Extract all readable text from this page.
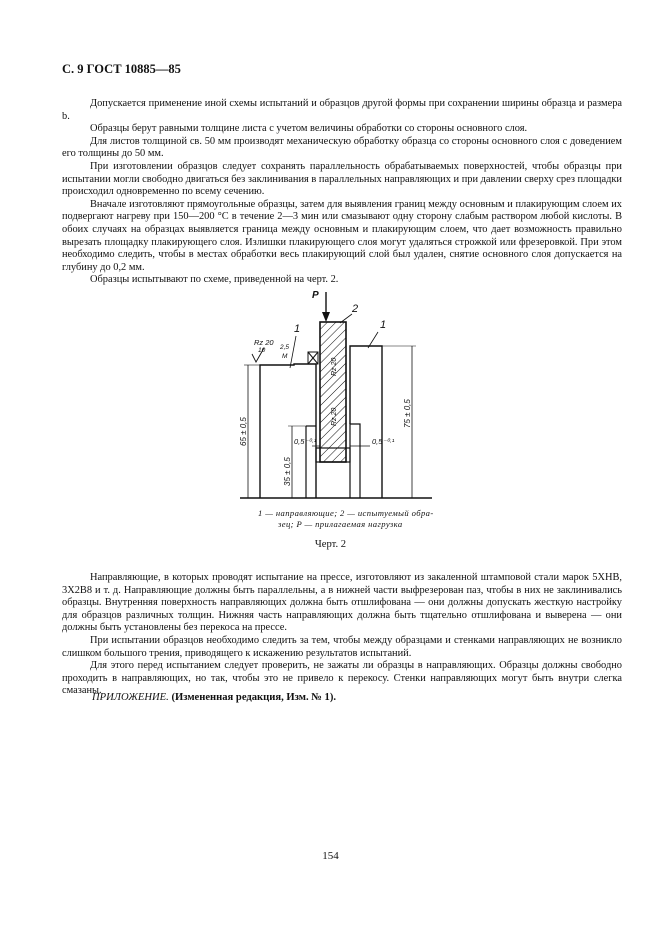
С. 9 ГОСТ 10885—85

Допускается применение иной схемы испытаний и образцов другой формы при сохранении ширины образца и размера b.

Образцы берут равными толщине листа с учетом величины обработки со стороны основного слоя.

Для листов толщиной св. 50 мм производят механическую обработку образца со стороны основного слоя с доведением его толщины до 50 мм.

При изготовлении образцов следует сохранять параллельность обрабатываемых поверхностей, чтобы образцы при испытании могли свободно двигаться без заклинивания в параллельных направляющих и при давлении сверху срез площадки происходил одновременно по всему сечению.

Вначале изготовляют прямоугольные образцы, затем для выявления границ между основным и плакирующим слоем их подвергают нагреву при 150—200 °С в течение 2—3 мин или смазывают одну сторону слабым раствором любой кислоты. В обоих случаях на образцах выявляется граница между основным и плакирующим слоем, что дает возможность правильно вырезать площадку плакирующего слоя. Излишки плакирующего слоя могут удаляться строжкой или фрезеровкой. При этом необходимо следить, чтобы в местах обработки весь плакирующий слой был удален, снятие основного слоя допускается на глубину до 0,2 мм.

Образцы испытывают по схеме, приведенной на черт. 2.

P
2
1	1
Rz 20
10 2,5
M
Rz 20
Rz 20
65 ± 0,5
75 ± 0,5
35 ± 0,5
0,5⁻⁰·¹	0,5⁻⁰·¹
1 — направляющие; 2 — испытуемый обра-
зец; P — прилагаемая нагрузка
Черт. 2

Направляющие, в которых проводят испытание на прессе, изготовляют из закаленной штамповой стали марок 5ХНВ, 3Х2В8 и т. д. Направляющие должны быть параллельны, а в нижней части выфрезерован паз, чтобы в них не заклинивались образцы. Внутренняя поверхность направляющих должна быть отшлифована — они должны допускать жесткую настройку для образцов различных толщин. Нижняя часть направляющих должна быть тщательно отшлифована и выверена — они должны быть установлены без перекоса на прессе.

При испытании образцов необходимо следить за тем, чтобы между образцами и стенками направляющих не возникло слишком большого трения, приводящего к искажению результатов испытаний.

Для этого перед испытанием следует проверить, не зажаты ли образцы в направляющих. Образцы должны свободно проходить в направляющих, но так, чтобы это не привело к перекосу. Стенки направляющих могут быть внутри слегка смазаны.

ПРИЛОЖЕНИЕ. (Измененная редакция, Изм. № 1).
154
